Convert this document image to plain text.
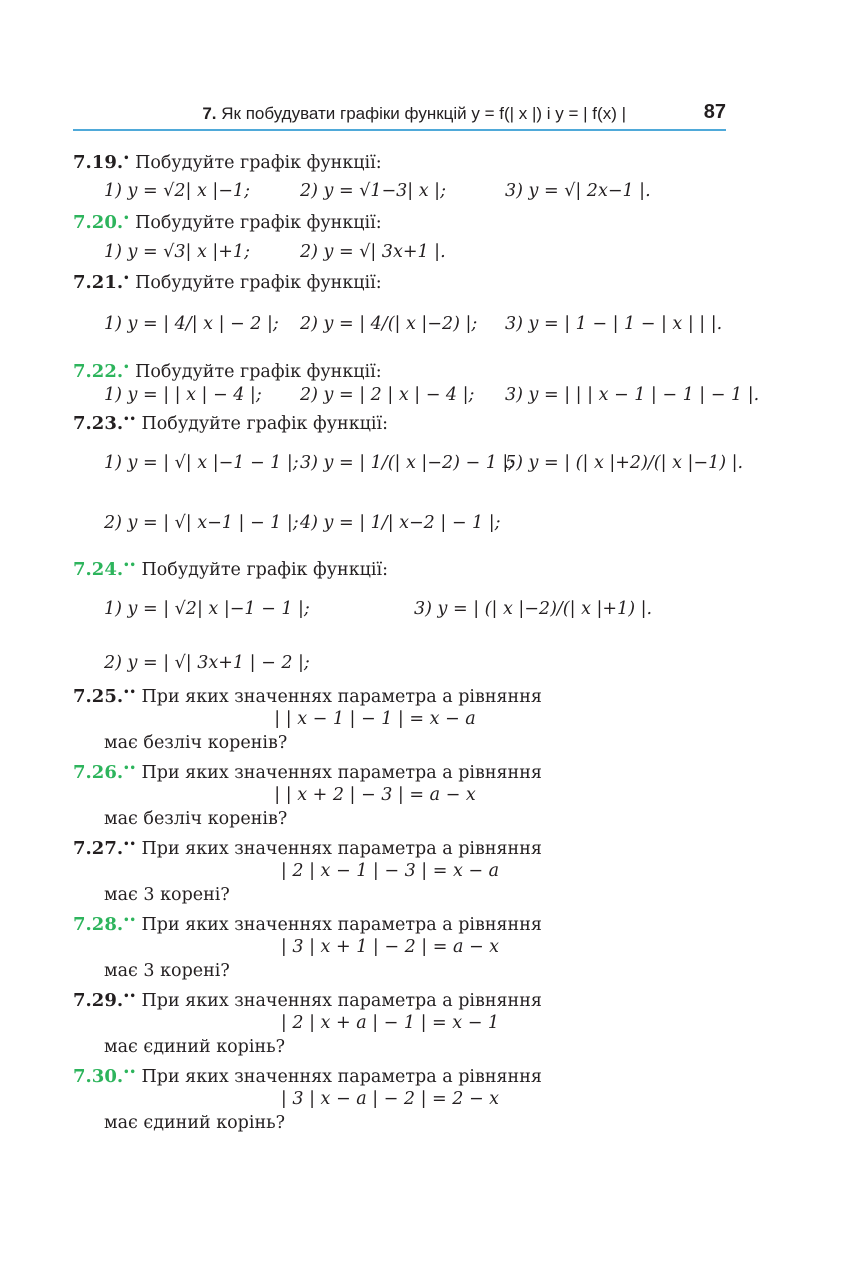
7. Як побудувати графіки функцій y = f(| x |) і y = | f(x) |	87
7.19.• Побудуйте графік функції:
1) y = √2| x |−1;	2) y = √1−3| x |;	3) y = √| 2x−1 |.
7.20.• Побудуйте графік функції:
1) y = √3| x |+1;	2) y = √| 3x+1 |.
7.21.• Побудуйте графік функції:
1) y = | 4/| x | − 2 |; 2) y = | 4/(| x |−2) |; 3) y = | 1 − | 1 − | x | | |.
7.22.• Побудуйте графік функції:
1) y = | | x | − 4 |; 2) y = | 2 | x | − 4 |; 3) y = | | | x − 1 | − 1 | − 1 |.
7.23.•• Побудуйте графік функції:
1) y = | √| x |−1 − 1 |; 3) y = | 1/(| x |−2) − 1 |;
5) y = | (| x |+2)/(| x |−1) |.
2) y = | √| x−1 | − 1 |; 4) y = | 1/| x−2 | − 1 |;
7.24.•• Побудуйте графік функції:
1) y = | √2| x |−1 − 1 |;	3) y = | (| x |−2)/(| x |+1) |.
2) y = | √| 3x+1 | − 2 |;
7.25.•• При яких значеннях параметра a рівняння
| | x − 1 | − 1 | = x − a
має безліч коренів?
7.26.•• При яких значеннях параметра a рівняння
| | x + 2 | − 3 | = a − x
має безліч коренів?
7.27.•• При яких значеннях параметра a рівняння
| 2 | x − 1 | − 3 | = x − a
має 3 корені?
7.28.•• При яких значеннях параметра a рівняння
| 3 | x + 1 | − 2 | = a − x
має 3 корені?
7.29.•• При яких значеннях параметра a рівняння
| 2 | x + a | − 1 | = x − 1
має єдиний корінь?
7.30.•• При яких значеннях параметра a рівняння
| 3 | x − a | − 2 | = 2 − x
має єдиний корінь?
